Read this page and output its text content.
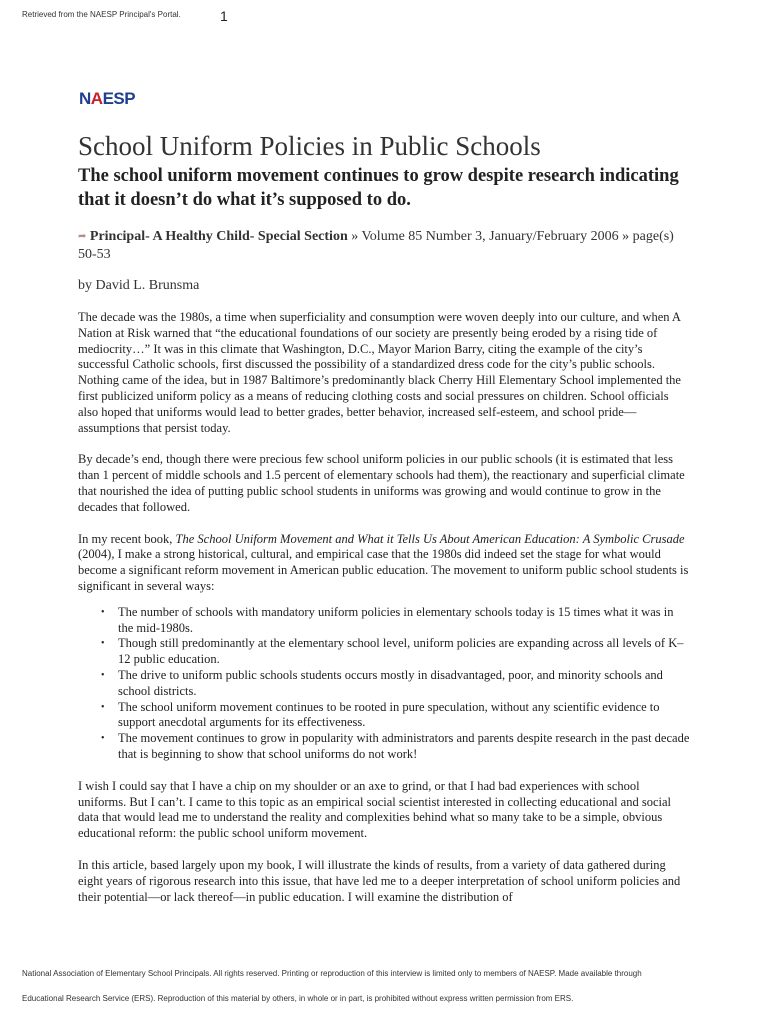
Retrieved from the NAESP Principal's Portal.	1
NAESP
School Uniform Policies in Public Schools
The school uniform movement continues to grow despite research indicating that it doesn’t do what it’s supposed to do.
➦ Principal- A Healthy Child- Special Section » Volume 85 Number 3, January/February 2006 » page(s) 50-53
by David L. Brunsma

The decade was the 1980s, a time when superficiality and consumption were woven deeply into our culture, and when A Nation at Risk warned that “the educational foundations of our society are presently being eroded by a rising tide of mediocrity…” It was in this climate that Washington, D.C., Mayor Marion Barry, citing the example of the city’s successful Catholic schools, first discussed the possibility of a standardized dress code for the city’s public schools. Nothing came of the idea, but in 1987 Baltimore’s predominantly black Cherry Hill Elementary School implemented the first publicized uniform policy as a means of reducing clothing costs and social pressures on children. School officials also hoped that uniforms would lead to better grades, better behavior, increased self-esteem, and school pride—assumptions that persist today.

By decade’s end, though there were precious few school uniform policies in our public schools (it is estimated that less than 1 percent of middle schools and 1.5 percent of elementary schools had them), the reactionary and superficial climate that nourished the idea of putting public school students in uniforms was growing and would continue to grow in the decades that followed.

In my recent book, The School Uniform Movement and What it Tells Us About American Education: A Symbolic Crusade (2004), I make a strong historical, cultural, and empirical case that the 1980s did indeed set the stage for what would become a significant reform movement in American public education. The movement to uniform public school students is significant in several ways:

• The number of schools with mandatory uniform policies in elementary schools today is 15 times what it was in the mid-1980s.
• Though still predominantly at the elementary school level, uniform policies are expanding across all levels of K–12 public education.
• The drive to uniform public schools students occurs mostly in disadvantaged, poor, and minority schools and school districts.
• The school uniform movement continues to be rooted in pure speculation, without any scientific evidence to support anecdotal arguments for its effectiveness.
• The movement continues to grow in popularity with administrators and parents despite research in the past decade that is beginning to show that school uniforms do not work!

I wish I could say that I have a chip on my shoulder or an axe to grind, or that I had bad experiences with school uniforms. But I can’t. I came to this topic as an empirical social scientist interested in collecting educational and social data that would lead me to understand the reality and complexities behind what so many take to be a simple, obvious educational reform: the public school uniform movement.

In this article, based largely upon my book, I will illustrate the kinds of results, from a variety of data gathered during eight years of rigorous research into this issue, that have led me to a deeper interpretation of school uniform policies and their potential—or lack thereof—in public education. I will examine the distribution of

National Association of Elementary School Principals. All rights reserved. Printing or reproduction of this interview is limited only to members of NAESP. Made available through
Educational Research Service (ERS). Reproduction of this material by others, in whole or in part, is prohibited without express written permission from ERS.
